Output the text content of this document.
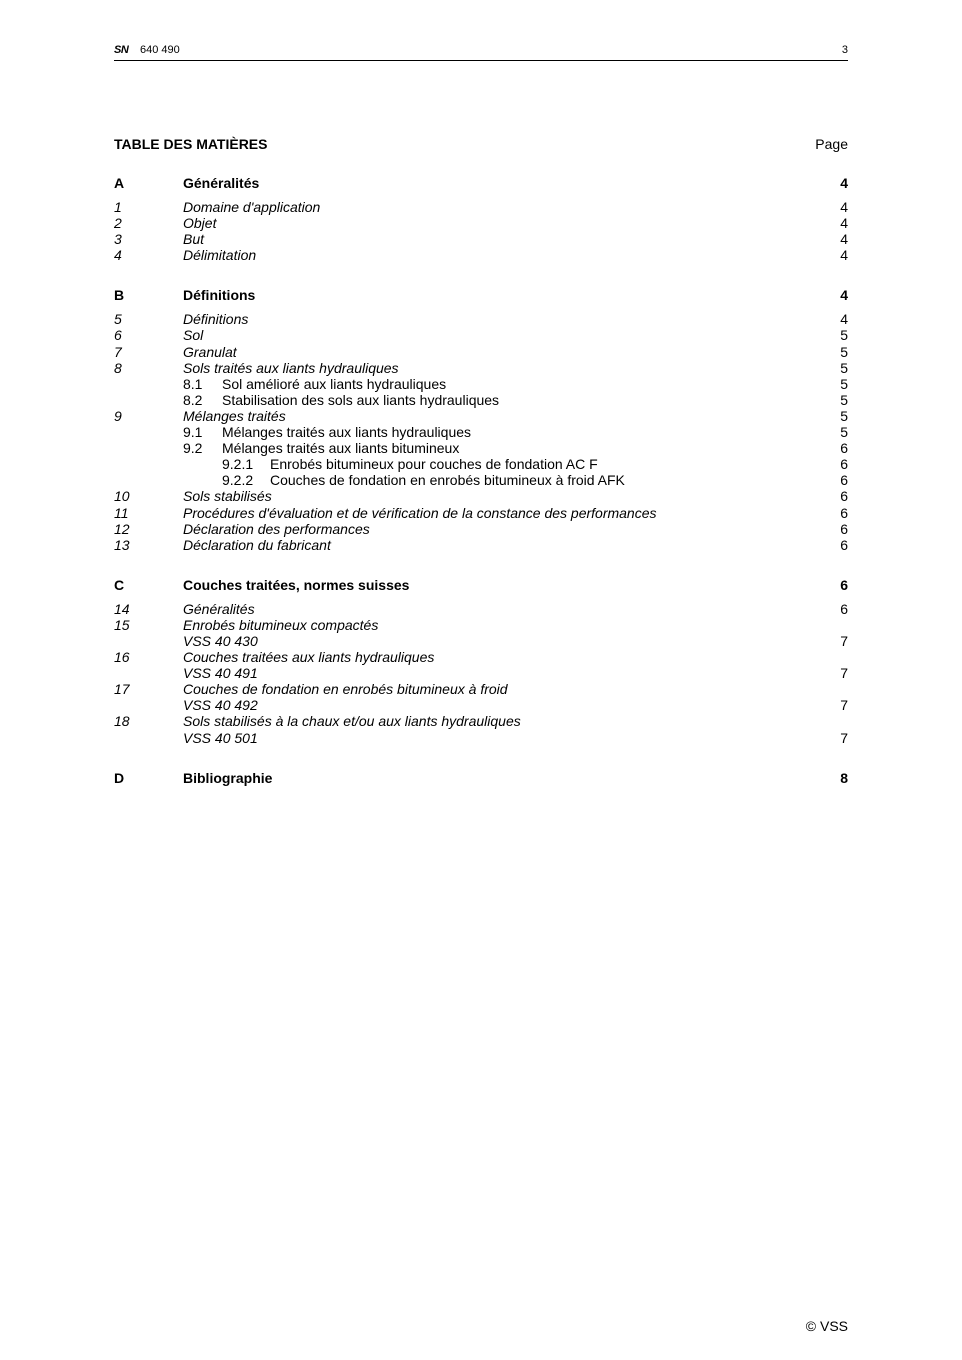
SN 640 490	3
TABLE DES MATIÈRES	Page
A	Généralités	4
1	Domaine d'application	4
2	Objet	4
3	But	4
4	Délimitation	4
B	Définitions	4
5	Définitions	4
6	Sol	5
7	Granulat	5
8	Sols traités aux liants hydrauliques	5
8.1 Sol amélioré aux liants hydrauliques	5
8.2 Stabilisation des sols aux liants hydrauliques	5
9	Mélanges traités	5
9.1 Mélanges traités aux liants hydrauliques	5
9.2 Mélanges traités aux liants bitumineux	6
9.2.1 Enrobés bitumineux pour couches de fondation AC F	6
9.2.2 Couches de fondation en enrobés bitumineux à froid AFK	6
10	Sols stabilisés	6
11	Procédures d'évaluation et de vérification de la constance des performances	6
12	Déclaration des performances	6
13	Déclaration du fabricant	6
C	Couches traitées, normes suisses	6
14	Généralités	6
15	Enrobés bitumineux compactés
VSS 40 430	7
16	Couches traitées aux liants hydrauliques
VSS 40 491	7
17	Couches de fondation en enrobés bitumineux à froid
VSS 40 492	7
18	Sols stabilisés à la chaux et/ou aux liants hydrauliques
VSS 40 501	7
D	Bibliographie	8
© VSS
